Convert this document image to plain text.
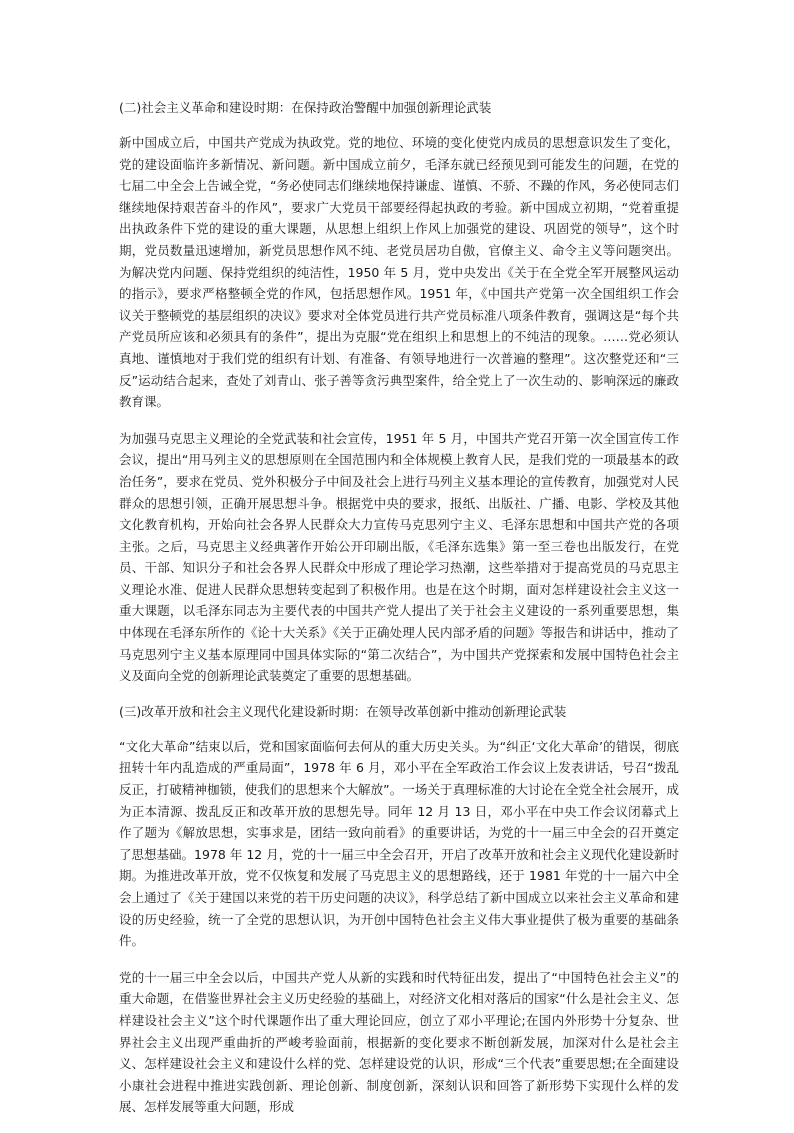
(二)社会主义革命和建设时期：在保持政治警醒中加强创新理论武装

新中国成立后，中国共产党成为执政党。党的地位、环境的变化使党内成员的思想意识发生了变化，党的建设面临许多新情况、新问题。新中国成立前夕，毛泽东就已经预见到可能发生的问题，在党的七届二中全会上告诫全党，“务必使同志们继续地保持谦虚、谨慎、不骄、不躁的作风，务必使同志们继续地保持艰苦奋斗的作风”，要求广大党员干部要经得起执政的考验。新中国成立初期，“党着重提出执政条件下党的建设的重大课题，从思想上组织上作风上加强党的建设、巩固党的领导”，这个时期，党员数量迅速增加，新党员思想作风不纯、老党员居功自傲，官僚主义、命令主义等问题突出。为解决党内问题、保持党组织的纯洁性，1950 年 5 月，党中央发出《关于在全党全军开展整风运动的指示》，要求严格整顿全党的作风，包括思想作风。1951 年，《中国共产党第一次全国组织工作会议关于整顿党的基层组织的决议》要求对全体党员进行共产党员标准八项条件教育，强调这是“每个共产党员所应该和必须具有的条件”，提出为克服“党在组织上和思想上的不纯洁的现象。……党必须认真地、谨慎地对于我们党的组织有计划、有准备、有领导地进行一次普遍的整理”。这次整党还和“三反”运动结合起来，查处了刘青山、张子善等贪污典型案件，给全党上了一次生动的、影响深远的廉政教育课。

为加强马克思主义理论的全党武装和社会宣传，1951 年 5 月，中国共产党召开第一次全国宣传工作会议，提出“用马列主义的思想原则在全国范围内和全体规模上教育人民，是我们党的一项最基本的政治任务”，要求在党员、党外积极分子中间及社会上进行马列主义基本理论的宣传教育，加强党对人民群众的思想引领，正确开展思想斗争。根据党中央的要求，报纸、出版社、广播、电影、学校及其他文化教育机构，开始向社会各界人民群众大力宣传马克思列宁主义、毛泽东思想和中国共产党的各项主张。之后，马克思主义经典著作开始公开印刷出版，《毛泽东选集》第一至三卷也出版发行，在党员、干部、知识分子和社会各界人民群众中形成了理论学习热潮，这些举措对于提高党员的马克思主义理论水准、促进人民群众思想转变起到了积极作用。也是在这个时期，面对怎样建设社会主义这一重大课题，以毛泽东同志为主要代表的中国共产党人提出了关于社会主义建设的一系列重要思想，集中体现在毛泽东所作的《论十大关系》《关于正确处理人民内部矛盾的问题》等报告和讲话中，推动了马克思列宁主义基本原理同中国具体实际的“第二次结合”，为中国共产党探索和发展中国特色社会主义及面向全党的创新理论武装奠定了重要的思想基础。

(三)改革开放和社会主义现代化建设新时期：在领导改革创新中推动创新理论武装

“文化大革命”结束以后，党和国家面临何去何从的重大历史关头。为“纠正‘文化大革命’的错误，彻底扭转十年内乱造成的严重局面”，1978 年 6 月，邓小平在全军政治工作会议上发表讲话，号召“拨乱反正，打破精神枷锁，使我们的思想来个大解放”。一场关于真理标准的大讨论在全党全社会展开，成为正本清源、拨乱反正和改革开放的思想先导。同年 12 月 13 日，邓小平在中央工作会议闭幕式上作了题为《解放思想，实事求是，团结一致向前看》的重要讲话，为党的十一届三中全会的召开奠定了思想基础。1978 年 12 月，党的十一届三中全会召开，开启了改革开放和社会主义现代化建设新时期。为推进改革开放，党不仅恢复和发展了马克思主义的思想路线，还于 1981 年党的十一届六中全会上通过了《关于建国以来党的若干历史问题的决议》，科学总结了新中国成立以来社会主义革命和建设的历史经验，统一了全党的思想认识，为开创中国特色社会主义伟大事业提供了极为重要的基础条件。

党的十一届三中全会以后，中国共产党人从新的实践和时代特征出发，提出了“中国特色社会主义”的重大命题，在借鉴世界社会主义历史经验的基础上，对经济文化相对落后的国家“什么是社会主义、怎样建设社会主义”这个时代课题作出了重大理论回应，创立了邓小平理论;在国内外形势十分复杂、世界社会主义出现严重曲折的严峻考验面前，根据新的变化要求不断创新发展，加深对什么是社会主义、怎样建设社会主义和建设什么样的党、怎样建设党的认识，形成“三个代表”重要思想;在全面建设小康社会进程中推进实践创新、理论创新、制度创新，深刻认识和回答了新形势下实现什么样的发展、怎样发展等重大问题，形成
